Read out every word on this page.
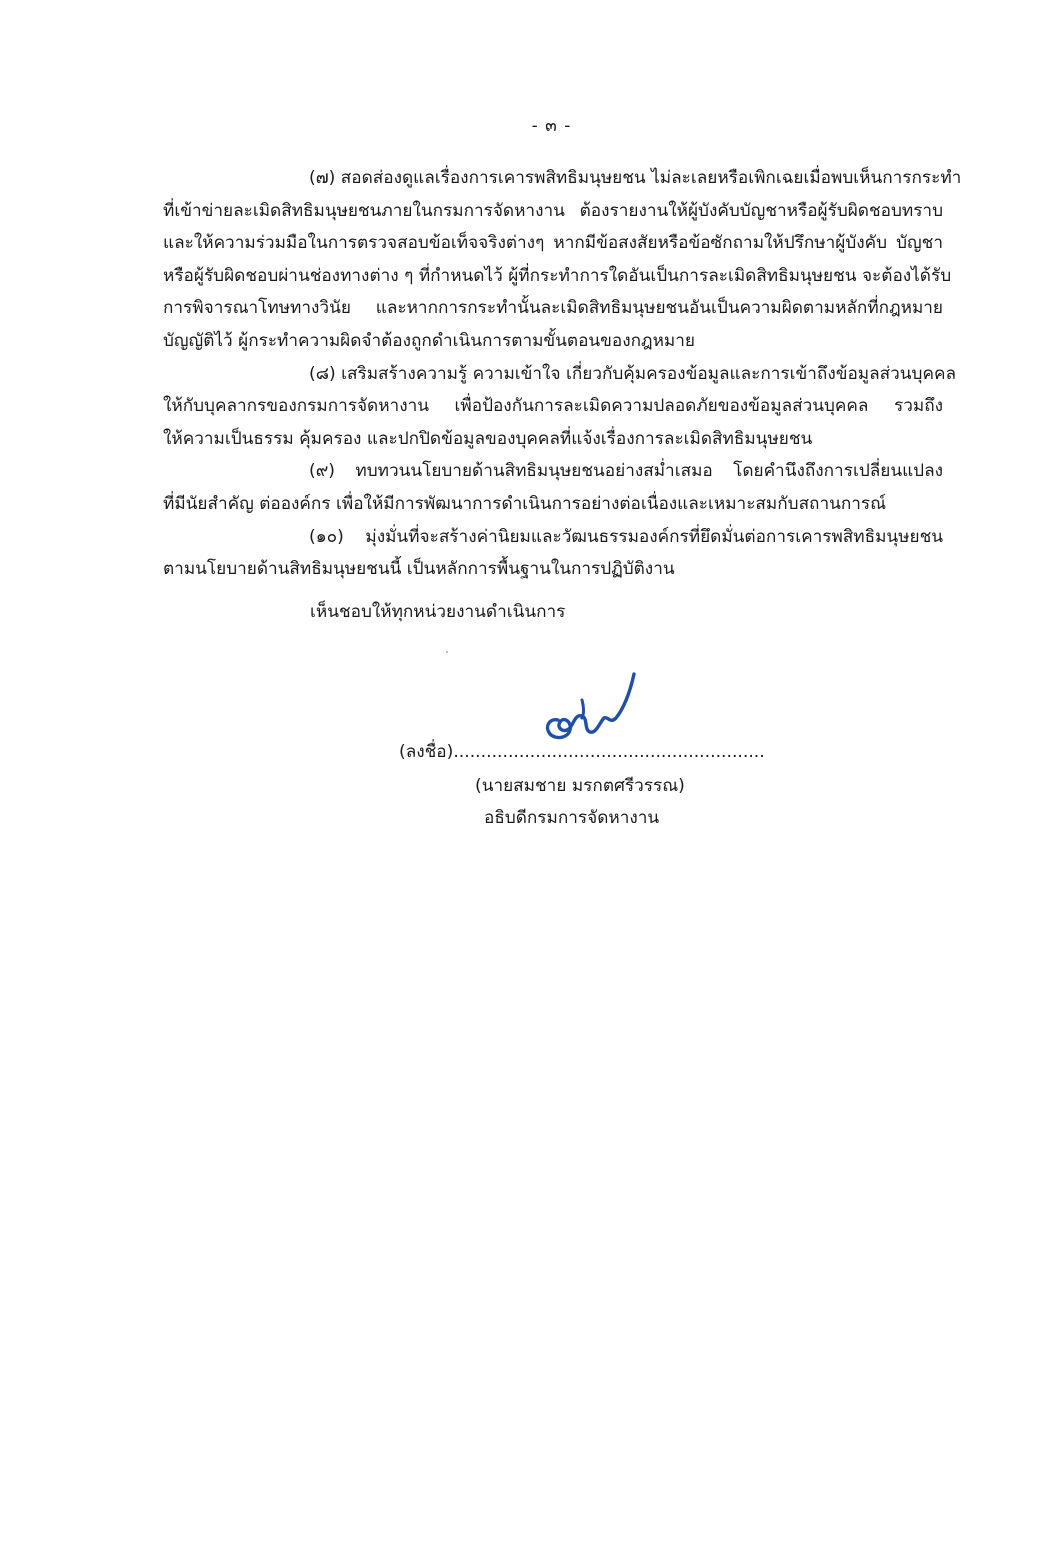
- ๓ -

(๗) สอดส่องดูแลเรื่องการเคารพสิทธิมนุษยชน ไม่ละเลยหรือเพิกเฉยเมื่อพบเห็นการกระทำ
ที่เข้าข่ายละเมิดสิทธิมนุษยชนภายในกรมการจัดหางาน ต้องรายงานให้ผู้บังคับบัญชาหรือผู้รับผิดชอบทราบ
และให้ความร่วมมือในการตรวจสอบข้อเท็จจริงต่างๆ หากมีข้อสงสัยหรือข้อซักถามให้ปรึกษาผู้บังคับ บัญชา
หรือผู้รับผิดชอบผ่านช่องทางต่าง ๆ ที่กำหนดไว้ ผู้ที่กระทำการใดอันเป็นการละเมิดสิทธิมนุษยชน จะต้องได้รับ
การพิจารณาโทษทางวินัย และหากการกระทำนั้นละเมิดสิทธิมนุษยชนอันเป็นความผิดตามหลักที่กฎหมาย
บัญญัติไว้ ผู้กระทำความผิดจำต้องถูกดำเนินการตามขั้นตอนของกฎหมาย

(๘) เสริมสร้างความรู้ ความเข้าใจ เกี่ยวกับคุ้มครองข้อมูลและการเข้าถึงข้อมูลส่วนบุคคล
ให้กับบุคลากรของกรมการจัดหางาน เพื่อป้องกันการละเมิดความปลอดภัยของข้อมูลส่วนบุคคล รวมถึง
ให้ความเป็นธรรม คุ้มครอง และปกปิดข้อมูลของบุคคลที่แจ้งเรื่องการละเมิดสิทธิมนุษยชน

(๙) ทบทวนนโยบายด้านสิทธิมนุษยชนอย่างสม่ำเสมอ โดยคำนึงถึงการเปลี่ยนแปลง
ที่มีนัยสำคัญ ต่อองค์กร เพื่อให้มีการพัฒนาการดำเนินการอย่างต่อเนื่องและเหมาะสมกับสถานการณ์

(๑๐) มุ่งมั่นที่จะสร้างค่านิยมและวัฒนธรรมองค์กรที่ยึดมั่นต่อการเคารพสิทธิมนุษยชน
ตามนโยบายด้านสิทธิมนุษยชนนี้ เป็นหลักการพื้นฐานในการปฏิบัติงาน

เห็นชอบให้ทุกหน่วยงานดำเนินการ
(ลงชื่อ).........................................................
(นายสมชาย มรกตศรีวรรณ)
อธิบดีกรมการจัดหางาน
